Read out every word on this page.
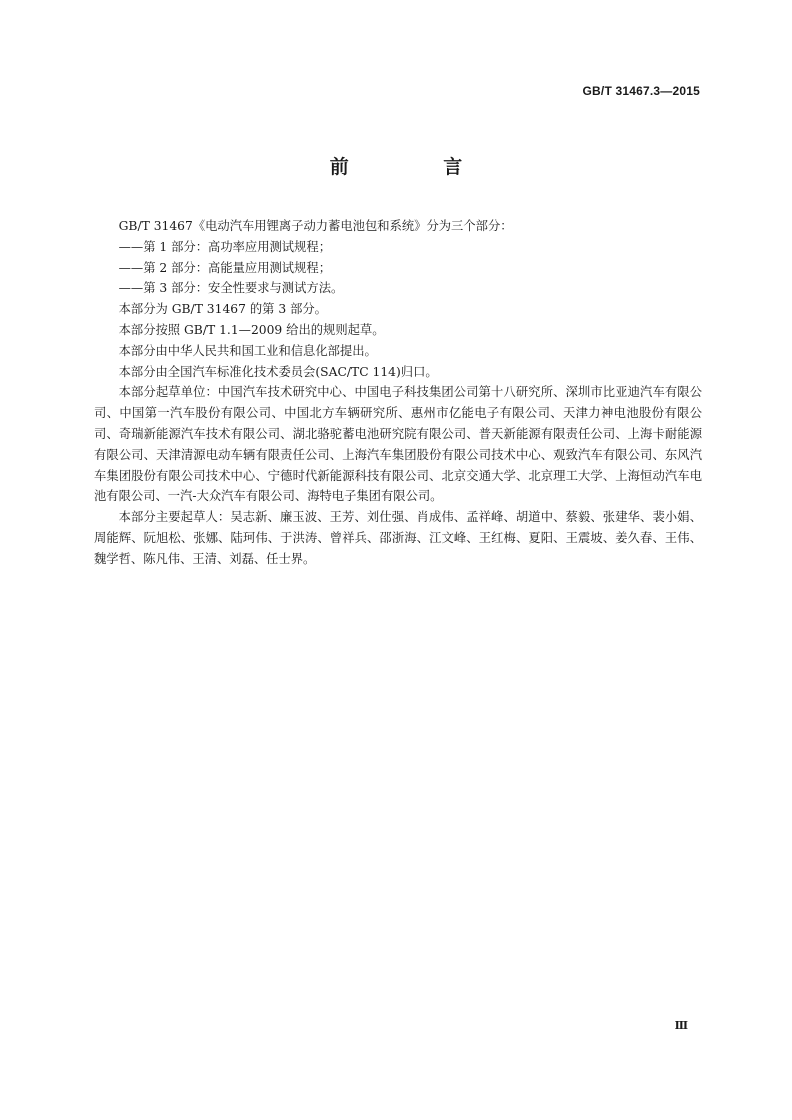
GB/T 31467.3—2015
前 言

GB/T 31467《电动汽车用锂离子动力蓄电池包和系统》分为三个部分：

——第 1 部分：高功率应用测试规程；

——第 2 部分：高能量应用测试规程；

——第 3 部分：安全性要求与测试方法。

本部分为 GB/T 31467 的第 3 部分。

本部分按照 GB/T 1.1—2009 给出的规则起草。

本部分由中华人民共和国工业和信息化部提出。

本部分由全国汽车标准化技术委员会(SAC/TC 114)归口。

本部分起草单位：中国汽车技术研究中心、中国电子科技集团公司第十八研究所、深圳市比亚迪汽车有限公司、中国第一汽车股份有限公司、中国北方车辆研究所、惠州市亿能电子有限公司、天津力神电池股份有限公司、奇瑞新能源汽车技术有限公司、湖北骆驼蓄电池研究院有限公司、普天新能源有限责任公司、上海卡耐能源有限公司、天津清源电动车辆有限责任公司、上海汽车集团股份有限公司技术中心、观致汽车有限公司、东风汽车集团股份有限公司技术中心、宁德时代新能源科技有限公司、北京交通大学、北京理工大学、上海恒动汽车电池有限公司、一汽-大众汽车有限公司、海特电子集团有限公司。

本部分主要起草人：吴志新、廉玉波、王芳、刘仕强、肖成伟、孟祥峰、胡道中、蔡毅、张建华、裴小娟、周能辉、阮旭松、张娜、陆珂伟、于洪涛、曾祥兵、邵浙海、江文峰、王红梅、夏阳、王震坡、姜久春、王伟、魏学哲、陈凡伟、王清、刘磊、任士界。

Ⅲ
